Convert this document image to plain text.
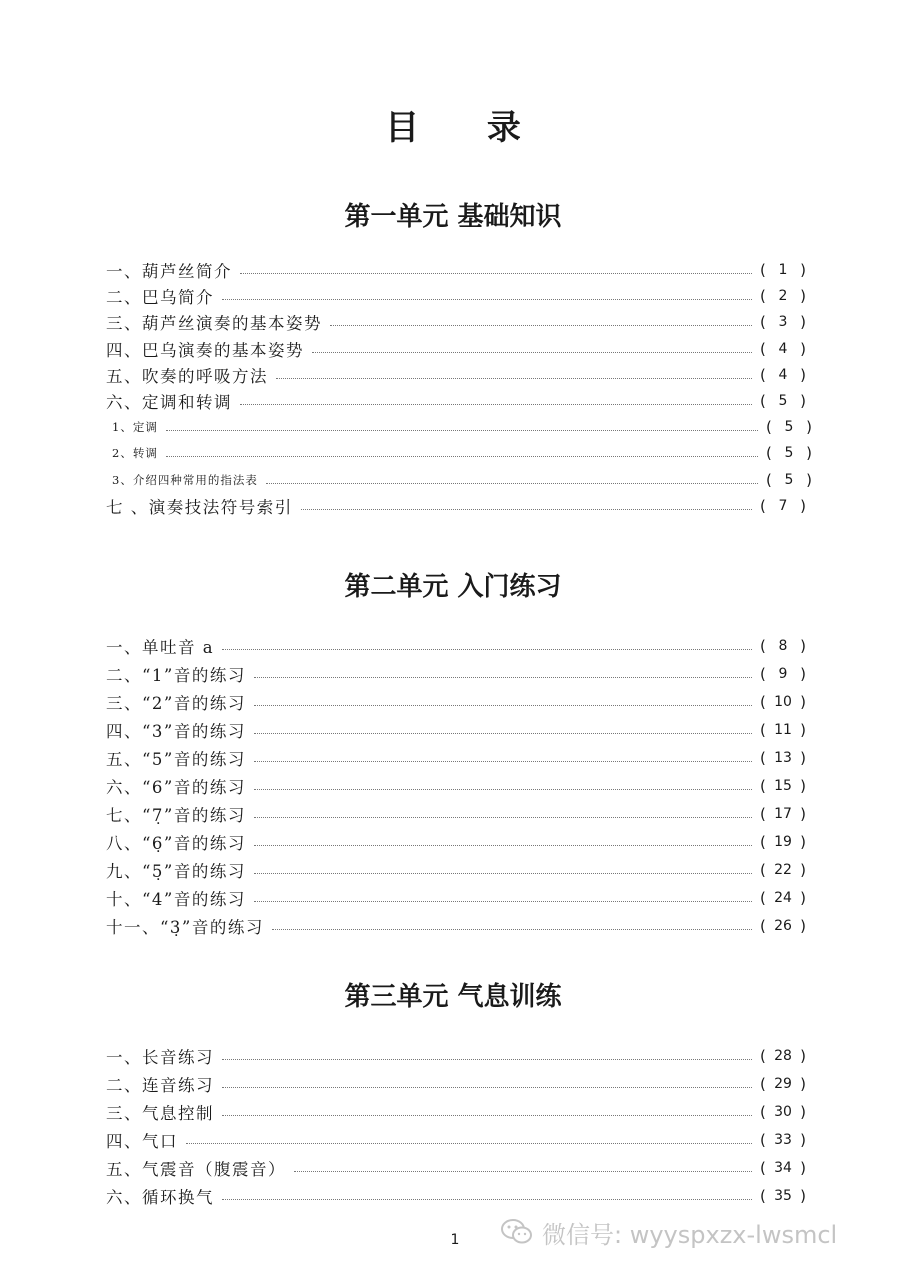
目 录
第一单元 基础知识
一、葫芦丝简介	( 1 )
二、巴乌简介	( 2 )
三、葫芦丝演奏的基本姿势	( 3 )
四、巴乌演奏的基本姿势	( 4 )
五、吹奏的呼吸方法	( 4 )
六、定调和转调	( 5 )
1、定调	( 5 )
2、转调	( 5 )
3、介绍四种常用的指法表	( 5 )
七 、演奏技法符号索引	( 7 )
第二单元 入门练习
一、单吐音 a	( 8 )
二、“1”音的练习	( 9 )
三、“2”音的练习	( 10 )
四、“3”音的练习	( 11 )
五、“5”音的练习	( 13 )
六、“6”音的练习	( 15 )
七、“7̣”音的练习	( 17 )
八、“6̣”音的练习	( 19 )
九、“5̣”音的练习	( 22 )
十、“4”音的练习	( 24 )
十一、“3̣”音的练习	( 26 )
第三单元 气息训练
一、长音练习	( 28 )
二、连音练习	( 29 )
三、气息控制	( 30 )
四、气口	( 33 )
五、气震音（腹震音）	( 34 )
六、循环换气	( 35 )
1	微信号: wyyspxzx-lwsmcl
